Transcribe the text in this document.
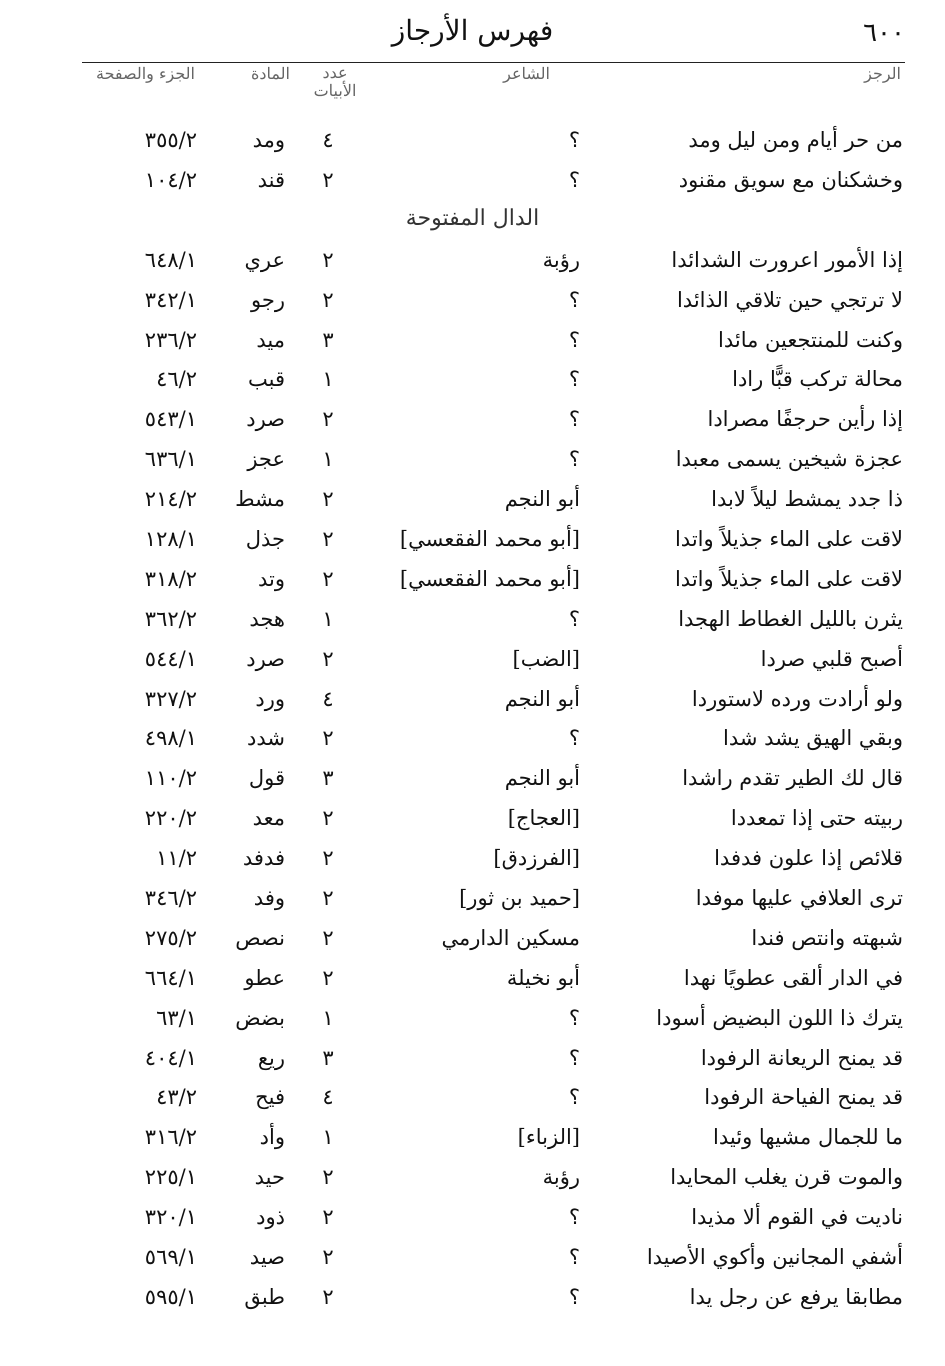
٦٠٠
فهرس الأرجاز
الرجز
الشاعر
عدد الأبيات
المادة
الجزء والصفحة
من حر أيام ومن ليل ومد
؟
٤
ومد
٣٥٥/٢
وخشكنان مع سويق مقنود
؟
٢
قند
١٠٤/٢
الدال المفتوحة
إذا الأمور اعرورت الشدائدا
رؤبة
٢
عري
٦٤٨/١
لا ترتجي حين تلاقي الذائدا
؟
٢
رجو
٣٤٢/١
وكنت للمنتجعين مائدا
؟
٣
ميد
٢٣٦/٢
محالة تركب قبًّا رادا
؟
١
قبب
٤٦/٢
إذا رأين حرجفًا مصرادا
؟
٢
صرد
٥٤٣/١
عجزة شيخين يسمى معبدا
؟
١
عجز
٦٣٦/١
ذا جدد يمشط ليلاً لابدا
أبو النجم
٢
مشط
٢١٤/٢
لاقت على الماء جذيلاً واتدا
[أبو محمد الفقعسي]
٢
جذل
١٢٨/١
لاقت على الماء جذيلاً واتدا
[أبو محمد الفقعسي]
٢
وتد
٣١٨/٢
يثرن بالليل الغطاط الهجدا
؟
١
هجد
٣٦٢/٢
أصبح قلبي صردا
[الضب]
٢
صرد
٥٤٤/١
ولو أرادت ورده لاستوردا
أبو النجم
٤
ورد
٣٢٧/٢
وبقي الهيق يشد شدا
؟
٢
شدد
٤٩٨/١
قال لك الطير تقدم راشدا
أبو النجم
٣
قول
١١٠/٢
ربيته حتى إذا تمعددا
[العجاج]
٢
معد
٢٢٠/٢
قلائص إذا علون فدفدا
[الفرزدق]
٢
فدفد
١١/٢
ترى العلافي عليها موفدا
[حميد بن ثور]
٢
وفد
٣٤٦/٢
شبهته وانتص فندا
مسكين الدارمي
٢
نصص
٢٧٥/٢
في الدار ألقى عطويًا نهدا
أبو نخيلة
٢
عطو
٦٦٤/١
يترك ذا اللون البضيض أسودا
؟
١
بضض
٦٣/١
قد يمنح الريعانة الرفودا
؟
٣
ريع
٤٠٤/١
قد يمنح الفياحة الرفودا
؟
٤
فيح
٤٣/٢
ما للجمال مشيها وئيدا
[الزباء]
١
وأد
٣١٦/٢
والموت قرن يغلب المحايدا
رؤبة
٢
حيد
٢٢٥/١
ناديت في القوم ألا مذيدا
؟
٢
ذود
٣٢٠/١
أشفي المجانين وأكوي الأصيدا
؟
٢
صيد
٥٦٩/١
مطابقا يرفع عن رجل يدا
؟
٢
طبق
٥٩٥/١
